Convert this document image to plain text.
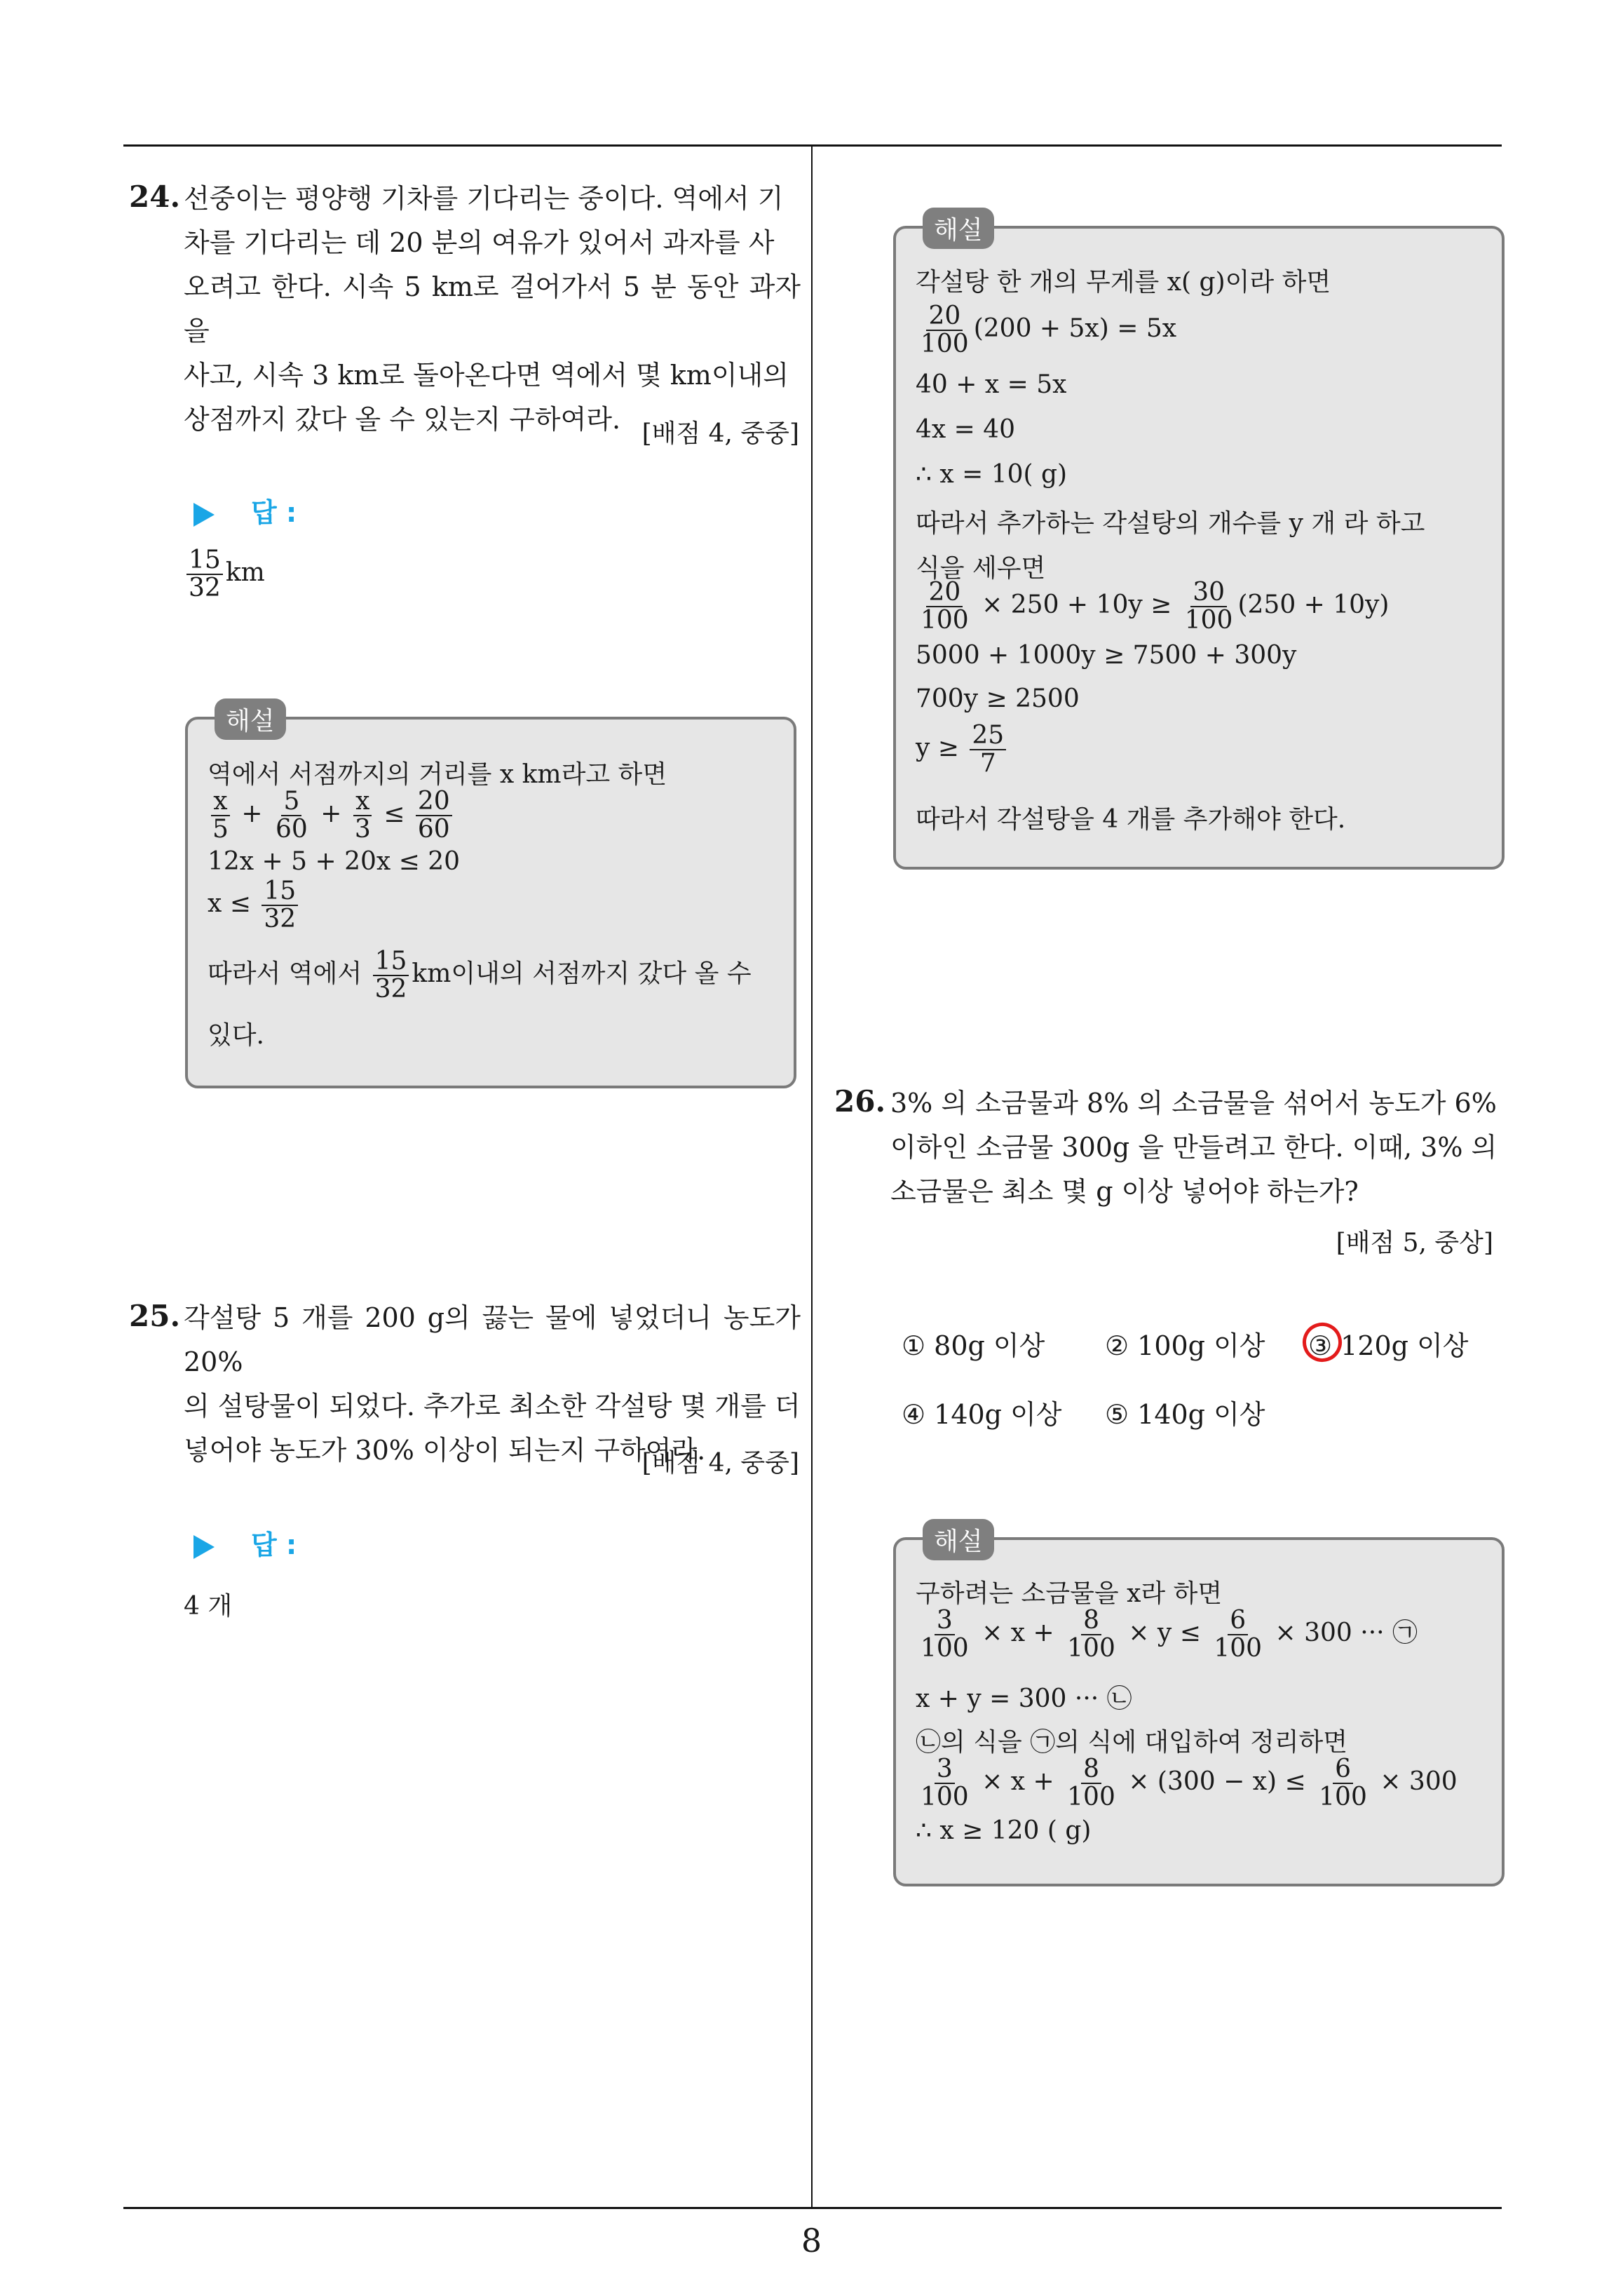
24. 선중이는 평양행 기차를 기다리는 중이다. 역에서 기
차를 기다리는 데 20 분의 여유가 있어서 과자를 사
오려고 한다. 시속 5 km로 걸어가서 5 분 동안 과자을
사고, 시속 3 km로 돌아온다면 역에서 몇 km이내의
상점까지 갔다 올 수 있는지 구하여라. [배점 4, 중중]
답 :
$\frac{15}{32}$ km
해설
역에서 서점까지의 거리를 x km라고 하면
$\frac{x}{5} + \frac{5}{60} + \frac{x}{3} \le \frac{20}{60}$
12x + 5 + 20x ≤ 20
$x \le \frac{15}{32}$
따라서 역에서 $\frac{15}{32}$ km이내의 서점까지 갔다 올 수
있다.
25. 각설탕 5 개를 200 g의 끓는 물에 넣었더니 농도가 20%
의 설탕물이 되었다. 추가로 최소한 각설탕 몇 개를 더
넣어야 농도가 30% 이상이 되는지 구하여라.
[배점 4, 중중]
답 :
4 개
해설
각설탕 한 개의 무게를 x( g)이라 하면
$\frac{20}{100} (200 + 5x) = 5x$
40 + x = 5x
4x = 40
∴ x = 10( g)
따라서 추가하는 각설탕의 개수를 y 개 라 하고
식을 세우면
$\frac{20}{100} \times 250 + 10y \ge \frac{30}{100} (250 + 10y)$
5000 + 1000y ≥ 7500 + 300y
700y ≥ 2500
$y \ge \frac{25}{7}$
따라서 각설탕을 4 개를 추가해야 한다.
26. 3% 의 소금물과 8% 의 소금물을 섞어서 농도가 6%
이하인 소금물 300g 을 만들려고 한다. 이때, 3% 의
소금물은 최소 몇 g 이상 넣어야 하는가?
[배점 5, 중상]
① 80g 이상 ② 100g 이상 ③ 120g 이상
④ 140g 이상 ⑤ 140g 이상
해설
구하려는 소금물을 x라 하면
$\frac{3}{100} \times x + \frac{8}{100} \times y \le \frac{6}{100} \times 300$ ··· ㉠
x + y = 300 ··· ㉡
㉡의 식을 ㉠의 식에 대입하여 정리하면
$\frac{3}{100} \times x + \frac{8}{100} \times (300 - x) \le \frac{6}{100} \times 300$
∴ x ≥ 120 ( g)
8
